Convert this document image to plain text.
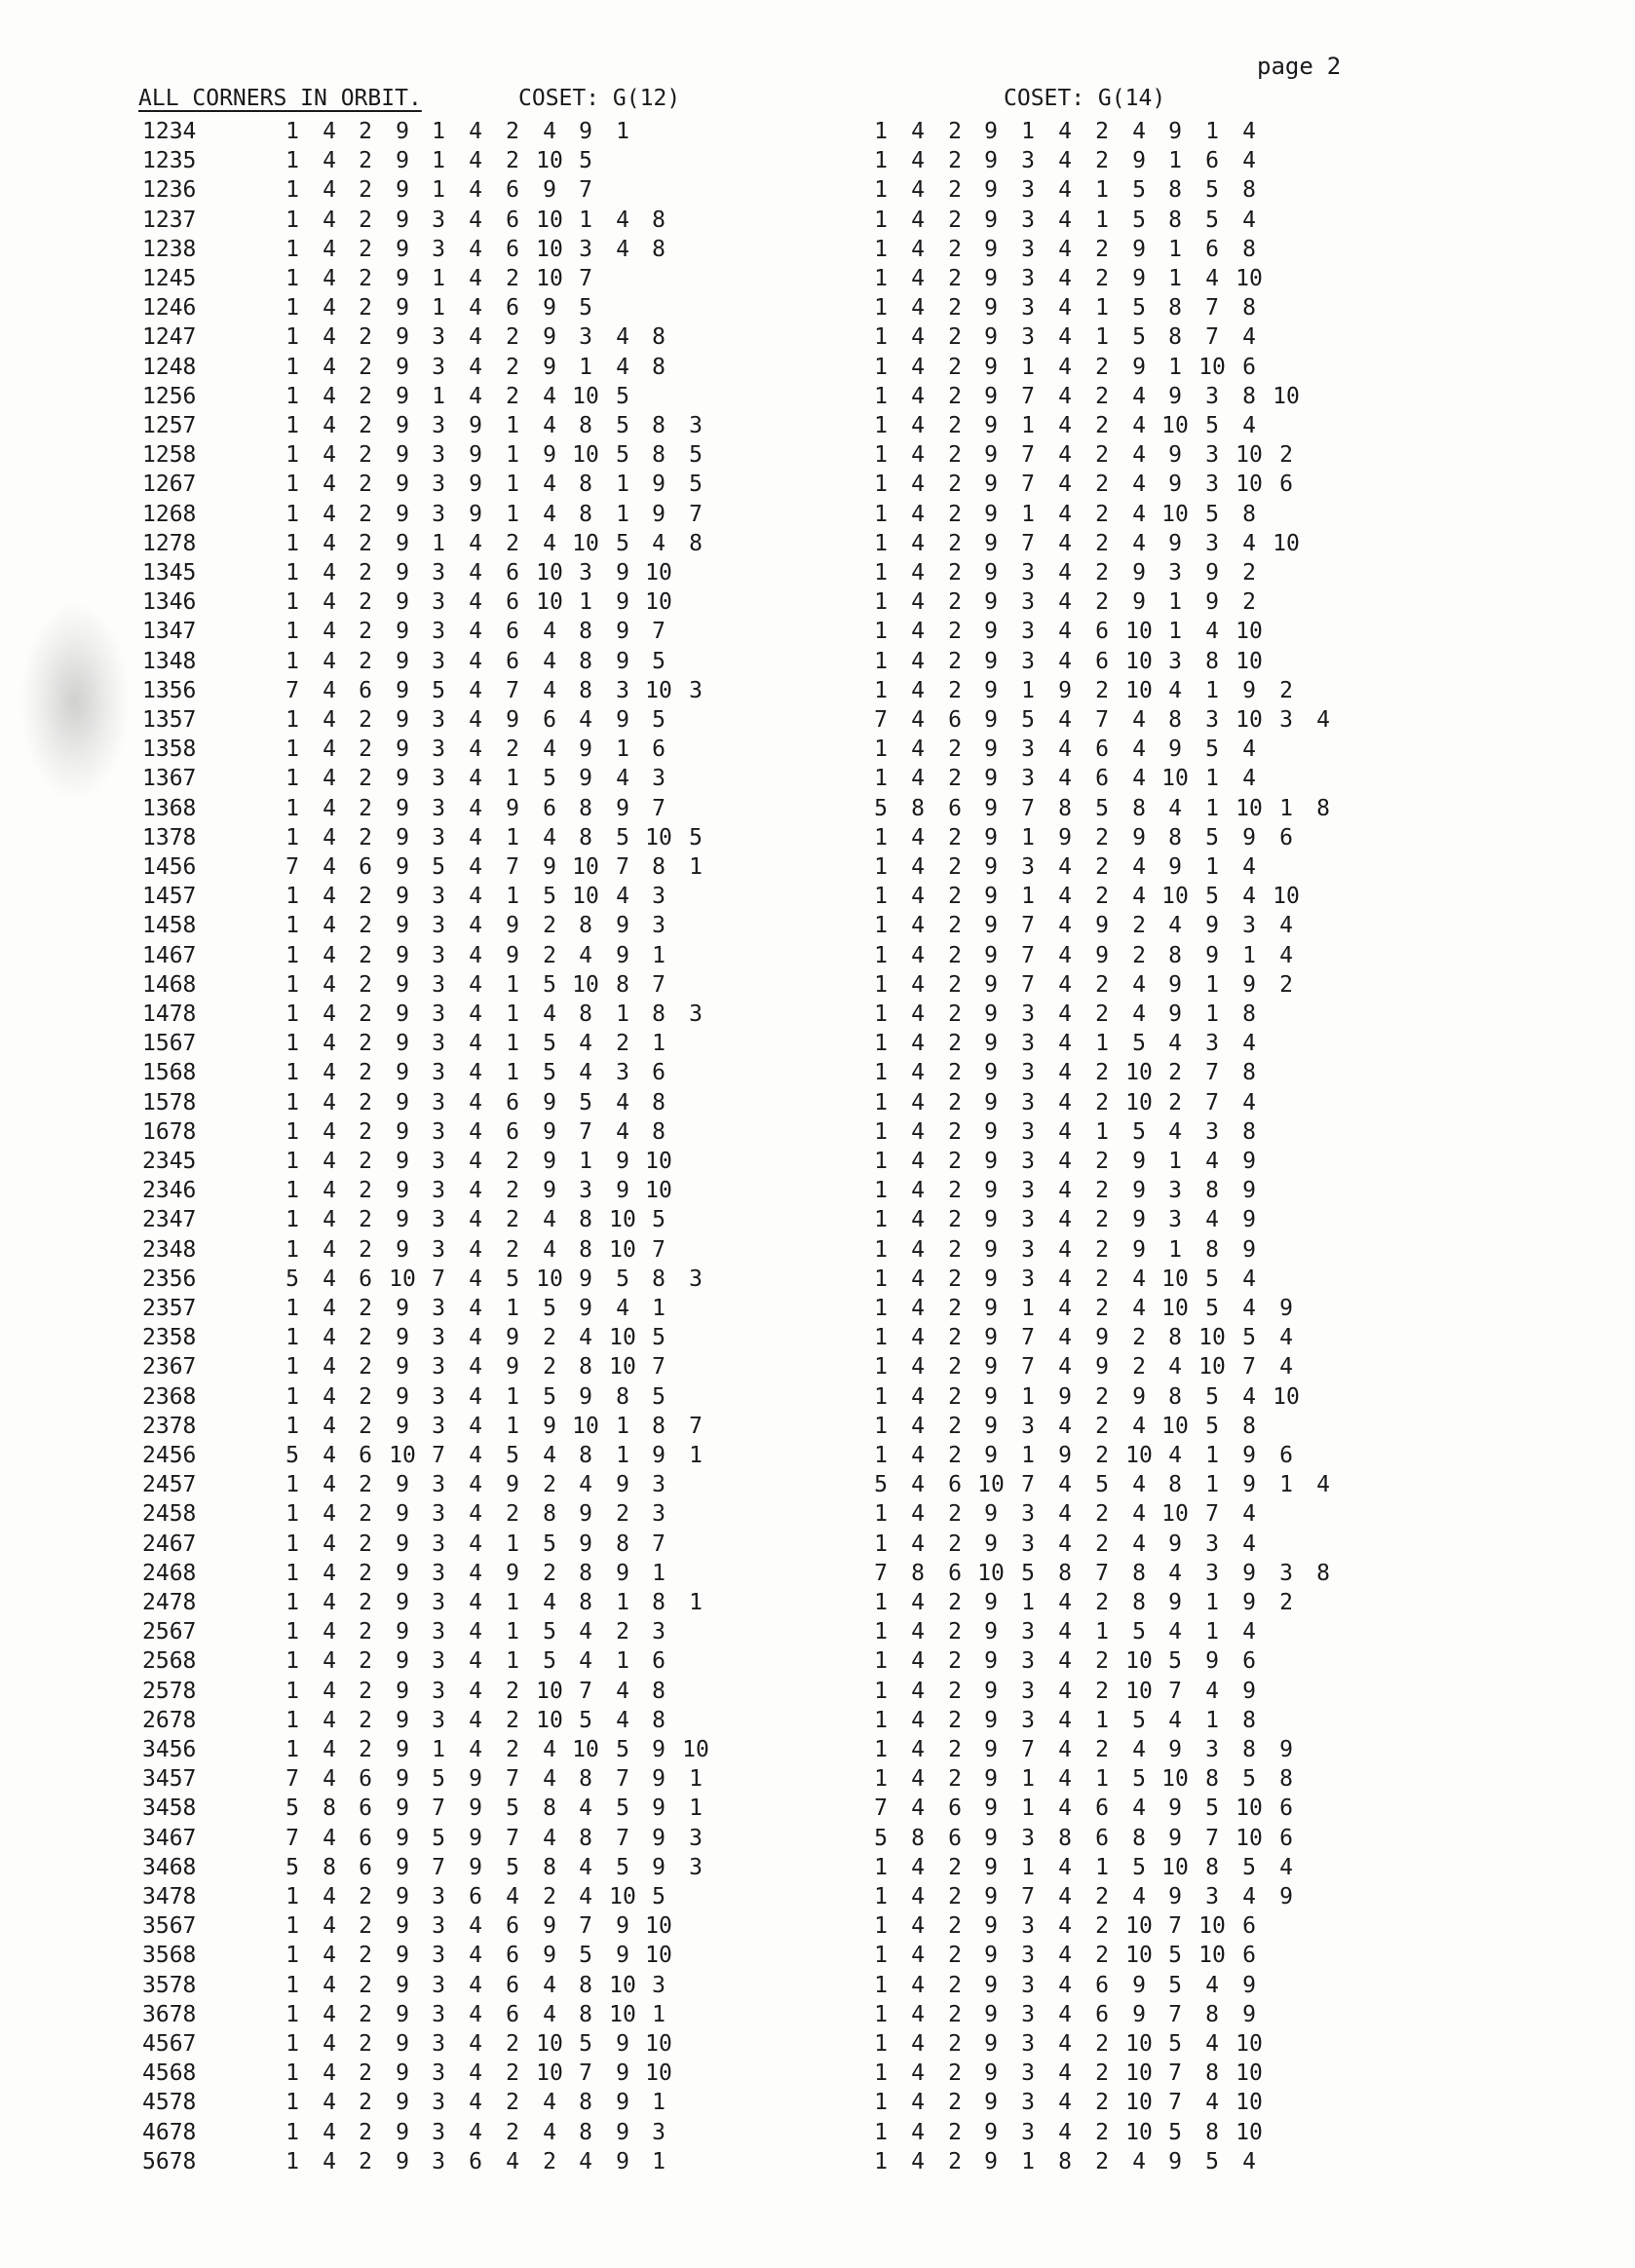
page 2
ALL CORNERS IN ORBIT.	COSET: G(12)	COSET: G(14)
1234	1	4	2	9	1	4	2	4	9	1	1	4	2	9	1	4	2	4	9	1	4
1235	1	4	2	9	1	4	2 10 5	1	4	2	9	3	4	2	9	1	6	4
1236	1	4	2	9	1	4	6	9	7	1	4	2	9	3	4	1	5	8	5	8
1237	1	4	2	9	3	4	6 10 1	4	8	1	4	2	9	3	4	1	5	8	5	4
1238	1	4	2	9	3	4	6 10 3	4	8	1	4	2	9	3	4	2	9	1	6	8
1245	1	4	2	9	1	4	2 10 7	1	4	2	9	3	4	2	9	1	4 10
1246	1	4	2	9	1	4	6	9	5	1	4	2	9	3	4	1	5	8	7	8
1247	1	4	2	9	3	4	2	9	3	4	8	1	4	2	9	3	4	1	5	8	7	4
1248	1	4	2	9	3	4	2	9	1	4	8	1	4	2	9	1	4	2	9	1 10 6
1256	1	4	2	9	1	4	2	4 10 5	1	4	2	9	7	4	2	4	9	3	8 10
1257	1	4	2	9	3	9	1	4	8	5	8	3	1	4	2	9	1	4	2	4 10 5	4
1258	1	4	2	9	3	9	1	9 10 5	8	5	1	4	2	9	7	4	2	4	9	3 10 2
1267	1	4	2	9	3	9	1	4	8	1	9	5	1	4	2	9	7	4	2	4	9	3 10 6
1268	1	4	2	9	3	9	1	4	8	1	9	7	1	4	2	9	1	4	2	4 10 5	8
1278	1	4	2	9	1	4	2	4 10 5	4	8	1	4	2	9	7	4	2	4	9	3	4 10
1345	1	4	2	9	3	4	6 10 3	9 10	1	4	2	9	3	4	2	9	3	9	2
1346	1	4	2	9	3	4	6 10 1	9 10	1	4	2	9	3	4	2	9	1	9	2
1347	1	4	2	9	3	4	6	4	8	9	7	1	4	2	9	3	4	6 10 1	4 10
1348	1	4	2	9	3	4	6	4	8	9	5	1	4	2	9	3	4	6 10 3	8 10
1356	7	4	6	9	5	4	7	4	8	3 10 3	1	4	2	9	1	9	2 10 4	1	9	2
1357	1	4	2	9	3	4	9	6	4	9	5	7	4	6	9	5	4	7	4	8	3 10 3	4
1358	1	4	2	9	3	4	2	4	9	1	6	1	4	2	9	3	4	6	4	9	5	4
1367	1	4	2	9	3	4	1	5	9	4	3	1	4	2	9	3	4	6	4 10 1	4
1368	1	4	2	9	3	4	9	6	8	9	7	5	8	6	9	7	8	5	8	4	1 10 1	8
1378	1	4	2	9	3	4	1	4	8	5 10 5	1	4	2	9	1	9	2	9	8	5	9	6
1456	7	4	6	9	5	4	7	9 10 7	8	1	1	4	2	9	3	4	2	4	9	1	4
1457	1	4	2	9	3	4	1	5 10 4	3	1	4	2	9	1	4	2	4 10 5	4 10
1458	1	4	2	9	3	4	9	2	8	9	3	1	4	2	9	7	4	9	2	4	9	3	4
1467	1	4	2	9	3	4	9	2	4	9	1	1	4	2	9	7	4	9	2	8	9	1	4
1468	1	4	2	9	3	4	1	5 10 8	7	1	4	2	9	7	4	2	4	9	1	9	2
1478	1	4	2	9	3	4	1	4	8	1	8	3	1	4	2	9	3	4	2	4	9	1	8
1567	1	4	2	9	3	4	1	5	4	2	1	1	4	2	9	3	4	1	5	4	3	4
1568	1	4	2	9	3	4	1	5	4	3	6	1	4	2	9	3	4	2 10 2	7	8
1578	1	4	2	9	3	4	6	9	5	4	8	1	4	2	9	3	4	2 10 2	7	4
1678	1	4	2	9	3	4	6	9	7	4	8	1	4	2	9	3	4	1	5	4	3	8
2345	1	4	2	9	3	4	2	9	1	9 10	1	4	2	9	3	4	2	9	1	4	9
2346	1	4	2	9	3	4	2	9	3	9 10	1	4	2	9	3	4	2	9	3	8	9
2347	1	4	2	9	3	4	2	4	8 10 5	1	4	2	9	3	4	2	9	3	4	9
2348	1	4	2	9	3	4	2	4	8 10 7	1	4	2	9	3	4	2	9	1	8	9
2356	5	4	6 10 7	4	5 10 9	5	8	3	1	4	2	9	3	4	2	4 10 5	4
2357	1	4	2	9	3	4	1	5	9	4	1	1	4	2	9	1	4	2	4 10 5	4	9
2358	1	4	2	9	3	4	9	2	4 10 5	1	4	2	9	7	4	9	2	8 10 5	4
2367	1	4	2	9	3	4	9	2	8 10 7	1	4	2	9	7	4	9	2	4 10 7	4
2368	1	4	2	9	3	4	1	5	9	8	5	1	4	2	9	1	9	2	9	8	5	4 10
2378	1	4	2	9	3	4	1	9 10 1	8	7	1	4	2	9	3	4	2	4 10 5	8
2456	5	4	6 10 7	4	5	4	8	1	9	1	1	4	2	9	1	9	2 10 4	1	9	6
2457	1	4	2	9	3	4	9	2	4	9	3	5	4	6 10 7	4	5	4	8	1	9	1	4
2458	1	4	2	9	3	4	2	8	9	2	3	1	4	2	9	3	4	2	4 10 7	4
2467	1	4	2	9	3	4	1	5	9	8	7	1	4	2	9	3	4	2	4	9	3	4
2468	1	4	2	9	3	4	9	2	8	9	1	7	8	6 10 5	8	7	8	4	3	9	3	8
2478	1	4	2	9	3	4	1	4	8	1	8	1	1	4	2	9	1	4	2	8	9	1	9	2
2567	1	4	2	9	3	4	1	5	4	2	3	1	4	2	9	3	4	1	5	4	1	4
2568	1	4	2	9	3	4	1	5	4	1	6	1	4	2	9	3	4	2 10 5	9	6
2578	1	4	2	9	3	4	2 10 7	4	8	1	4	2	9	3	4	2 10 7	4	9
2678	1	4	2	9	3	4	2 10 5	4	8	1	4	2	9	3	4	1	5	4	1	8
3456	1	4	2	9	1	4	2	4 10 5	9 10	1	4	2	9	7	4	2	4	9	3	8	9
3457	7	4	6	9	5	9	7	4	8	7	9	1	1	4	2	9	1	4	1	5 10 8	5	8
3458	5	8	6	9	7	9	5	8	4	5	9	1	7	4	6	9	1	4	6	4	9	5 10 6
3467	7	4	6	9	5	9	7	4	8	7	9	3	5	8	6	9	3	8	6	8	9	7 10 6
3468	5	8	6	9	7	9	5	8	4	5	9	3	1	4	2	9	1	4	1	5 10 8	5	4
3478	1	4	2	9	3	6	4	2	4 10 5	1	4	2	9	7	4	2	4	9	3	4	9
3567	1	4	2	9	3	4	6	9	7	9 10	1	4	2	9	3	4	2 10 7 10 6
3568	1	4	2	9	3	4	6	9	5	9 10	1	4	2	9	3	4	2 10 5 10 6
3578	1	4	2	9	3	4	6	4	8 10 3	1	4	2	9	3	4	6	9	5	4	9
3678	1	4	2	9	3	4	6	4	8 10 1	1	4	2	9	3	4	6	9	7	8	9
4567	1	4	2	9	3	4	2 10 5	9 10	1	4	2	9	3	4	2 10 5	4 10
4568	1	4	2	9	3	4	2 10 7	9 10	1	4	2	9	3	4	2 10 7	8 10
4578	1	4	2	9	3	4	2	4	8	9	1	1	4	2	9	3	4	2 10 7	4 10
4678	1	4	2	9	3	4	2	4	8	9	3	1	4	2	9	3	4	2 10 5	8 10
5678	1	4	2	9	3	6	4	2	4	9	1	1	4	2	9	1	8	2	4	9	5	4
